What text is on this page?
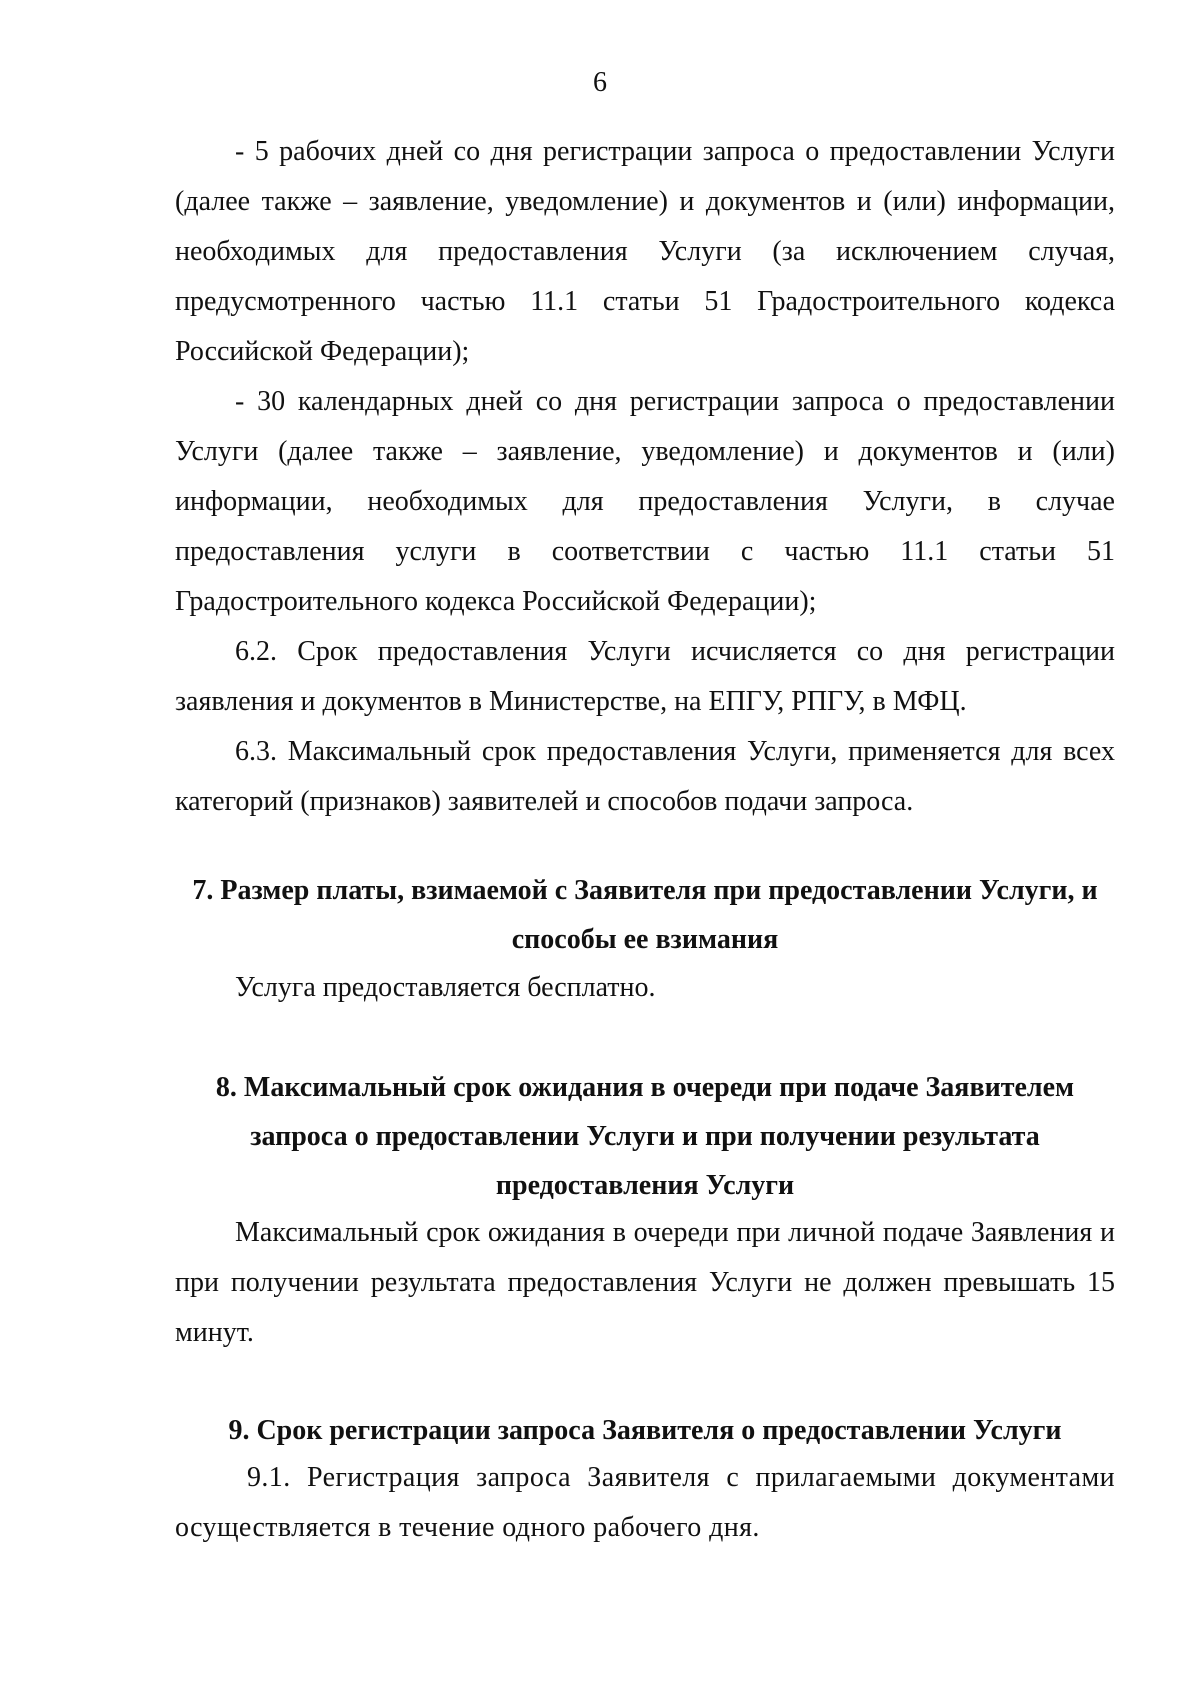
6

- 5 рабочих дней со дня регистрации запроса о предоставлении Услуги (далее также – заявление, уведомление) и документов и (или) информации, необходимых для предоставления Услуги (за исключением случая, предусмотренного частью 11.1 статьи 51 Градостроительного кодекса Российской Федерации);

- 30 календарных дней со дня регистрации запроса о предоставлении Услуги (далее также – заявление, уведомление) и документов и (или) информации, необходимых для предоставления Услуги, в случае предоставления услуги в соответствии с частью 11.1 статьи 51 Градостроительного кодекса Российской Федерации);

6.2. Срок предоставления Услуги исчисляется со дня регистрации заявления и документов в Министерстве, на ЕПГУ, РПГУ, в МФЦ.

6.3. Максимальный срок предоставления Услуги, применяется для всех категорий (признаков) заявителей и способов подачи запроса.

7. Размер платы, взимаемой с Заявителя при предоставлении Услуги, и
способы ее взимания

Услуга предоставляется бесплатно.

8. Максимальный срок ожидания в очереди при подаче Заявителем
запроса о предоставлении Услуги и при получении результата
предоставления Услуги

Максимальный срок ожидания в очереди при личной подаче Заявления и при получении результата предоставления Услуги не должен превышать 15 минут.

9. Срок регистрации запроса Заявителя о предоставлении Услуги

9.1. Регистрация запроса Заявителя с прилагаемыми документами осуществляется в течение одного рабочего дня.
